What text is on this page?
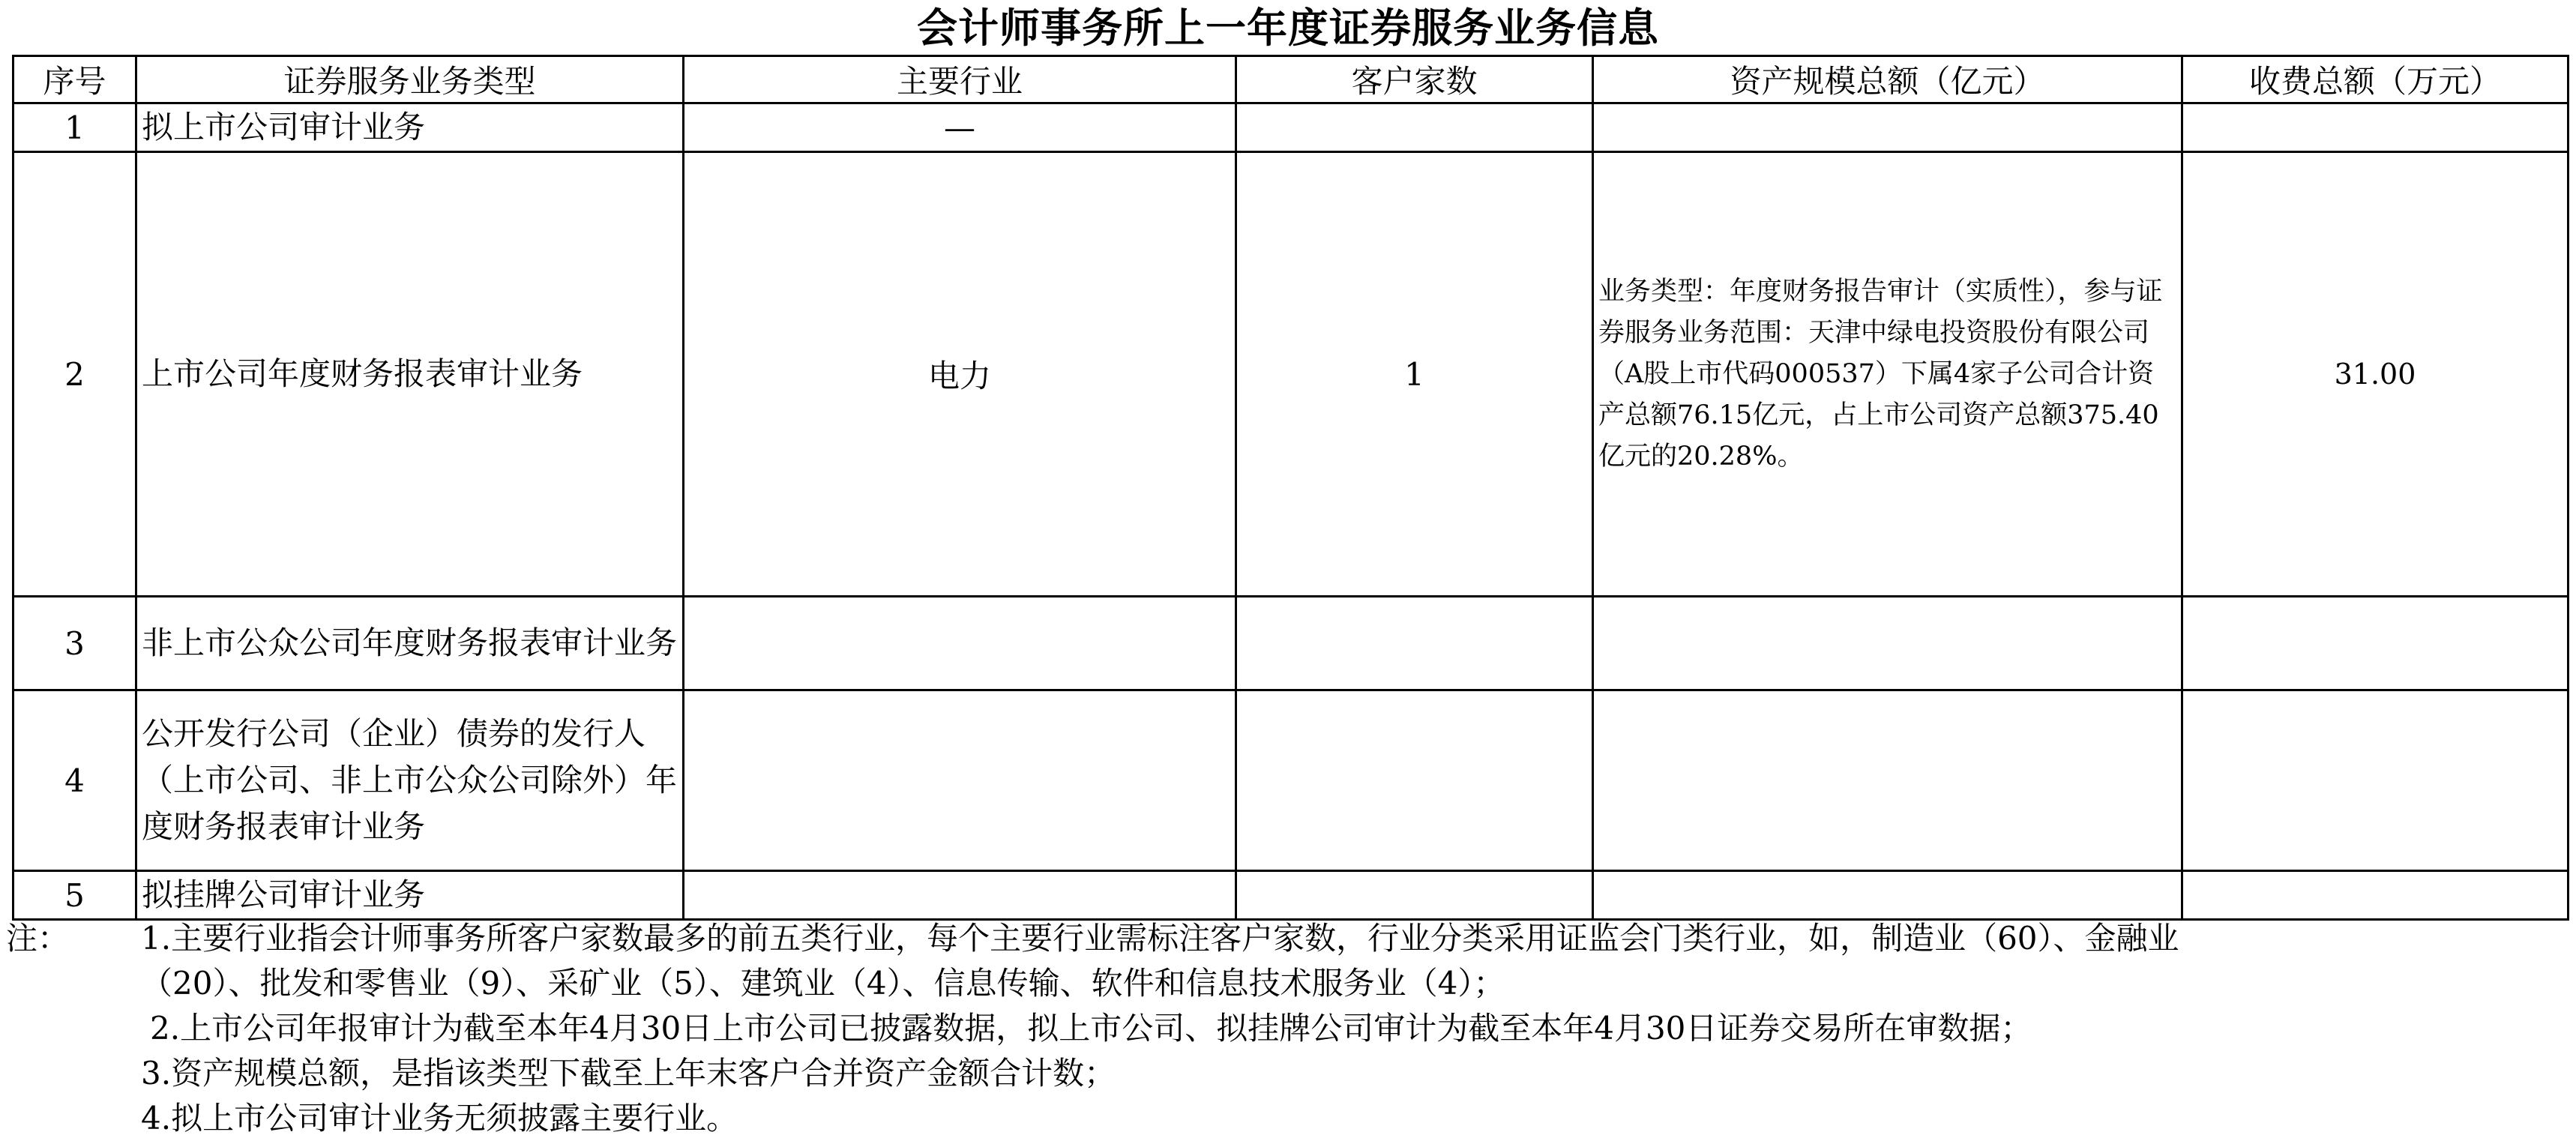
会计师事务所上一年度证券服务业务信息
序号	证券服务业务类型	主要行业	客户家数	资产规模总额（亿元）	收费总额（万元）
1	拟上市公司审计业务	—			
2	上市公司年度财务报表审计业务	电力	1	业务类型：年度财务报告审计（实质性），参与证券服务业务范围：天津中绿电投资股份有限公司（A股上市代码000537）下属4家子公司合计资产总额76.15亿元，占上市公司资产总额375.40亿元的20.28%。	31.00
3	非上市公众公司年度财务报表审计业务				
4	公开发行公司（企业）债券的发行人（上市公司、非上市公众公司除外）年度财务报表审计业务				
5	拟挂牌公司审计业务				
注： 1.主要行业指会计师事务所客户家数最多的前五类行业，每个主要行业需标注客户家数，行业分类采用证监会门类行业，如，制造业（60）、金融业
（20）、批发和零售业（9）、采矿业（5）、建筑业（4）、信息传输、软件和信息技术服务业（4）；
2.上市公司年报审计为截至本年4月30日上市公司已披露数据，拟上市公司、拟挂牌公司审计为截至本年4月30日证券交易所在审数据；
3.资产规模总额，是指该类型下截至上年末客户合并资产金额合计数；
4.拟上市公司审计业务无须披露主要行业。
